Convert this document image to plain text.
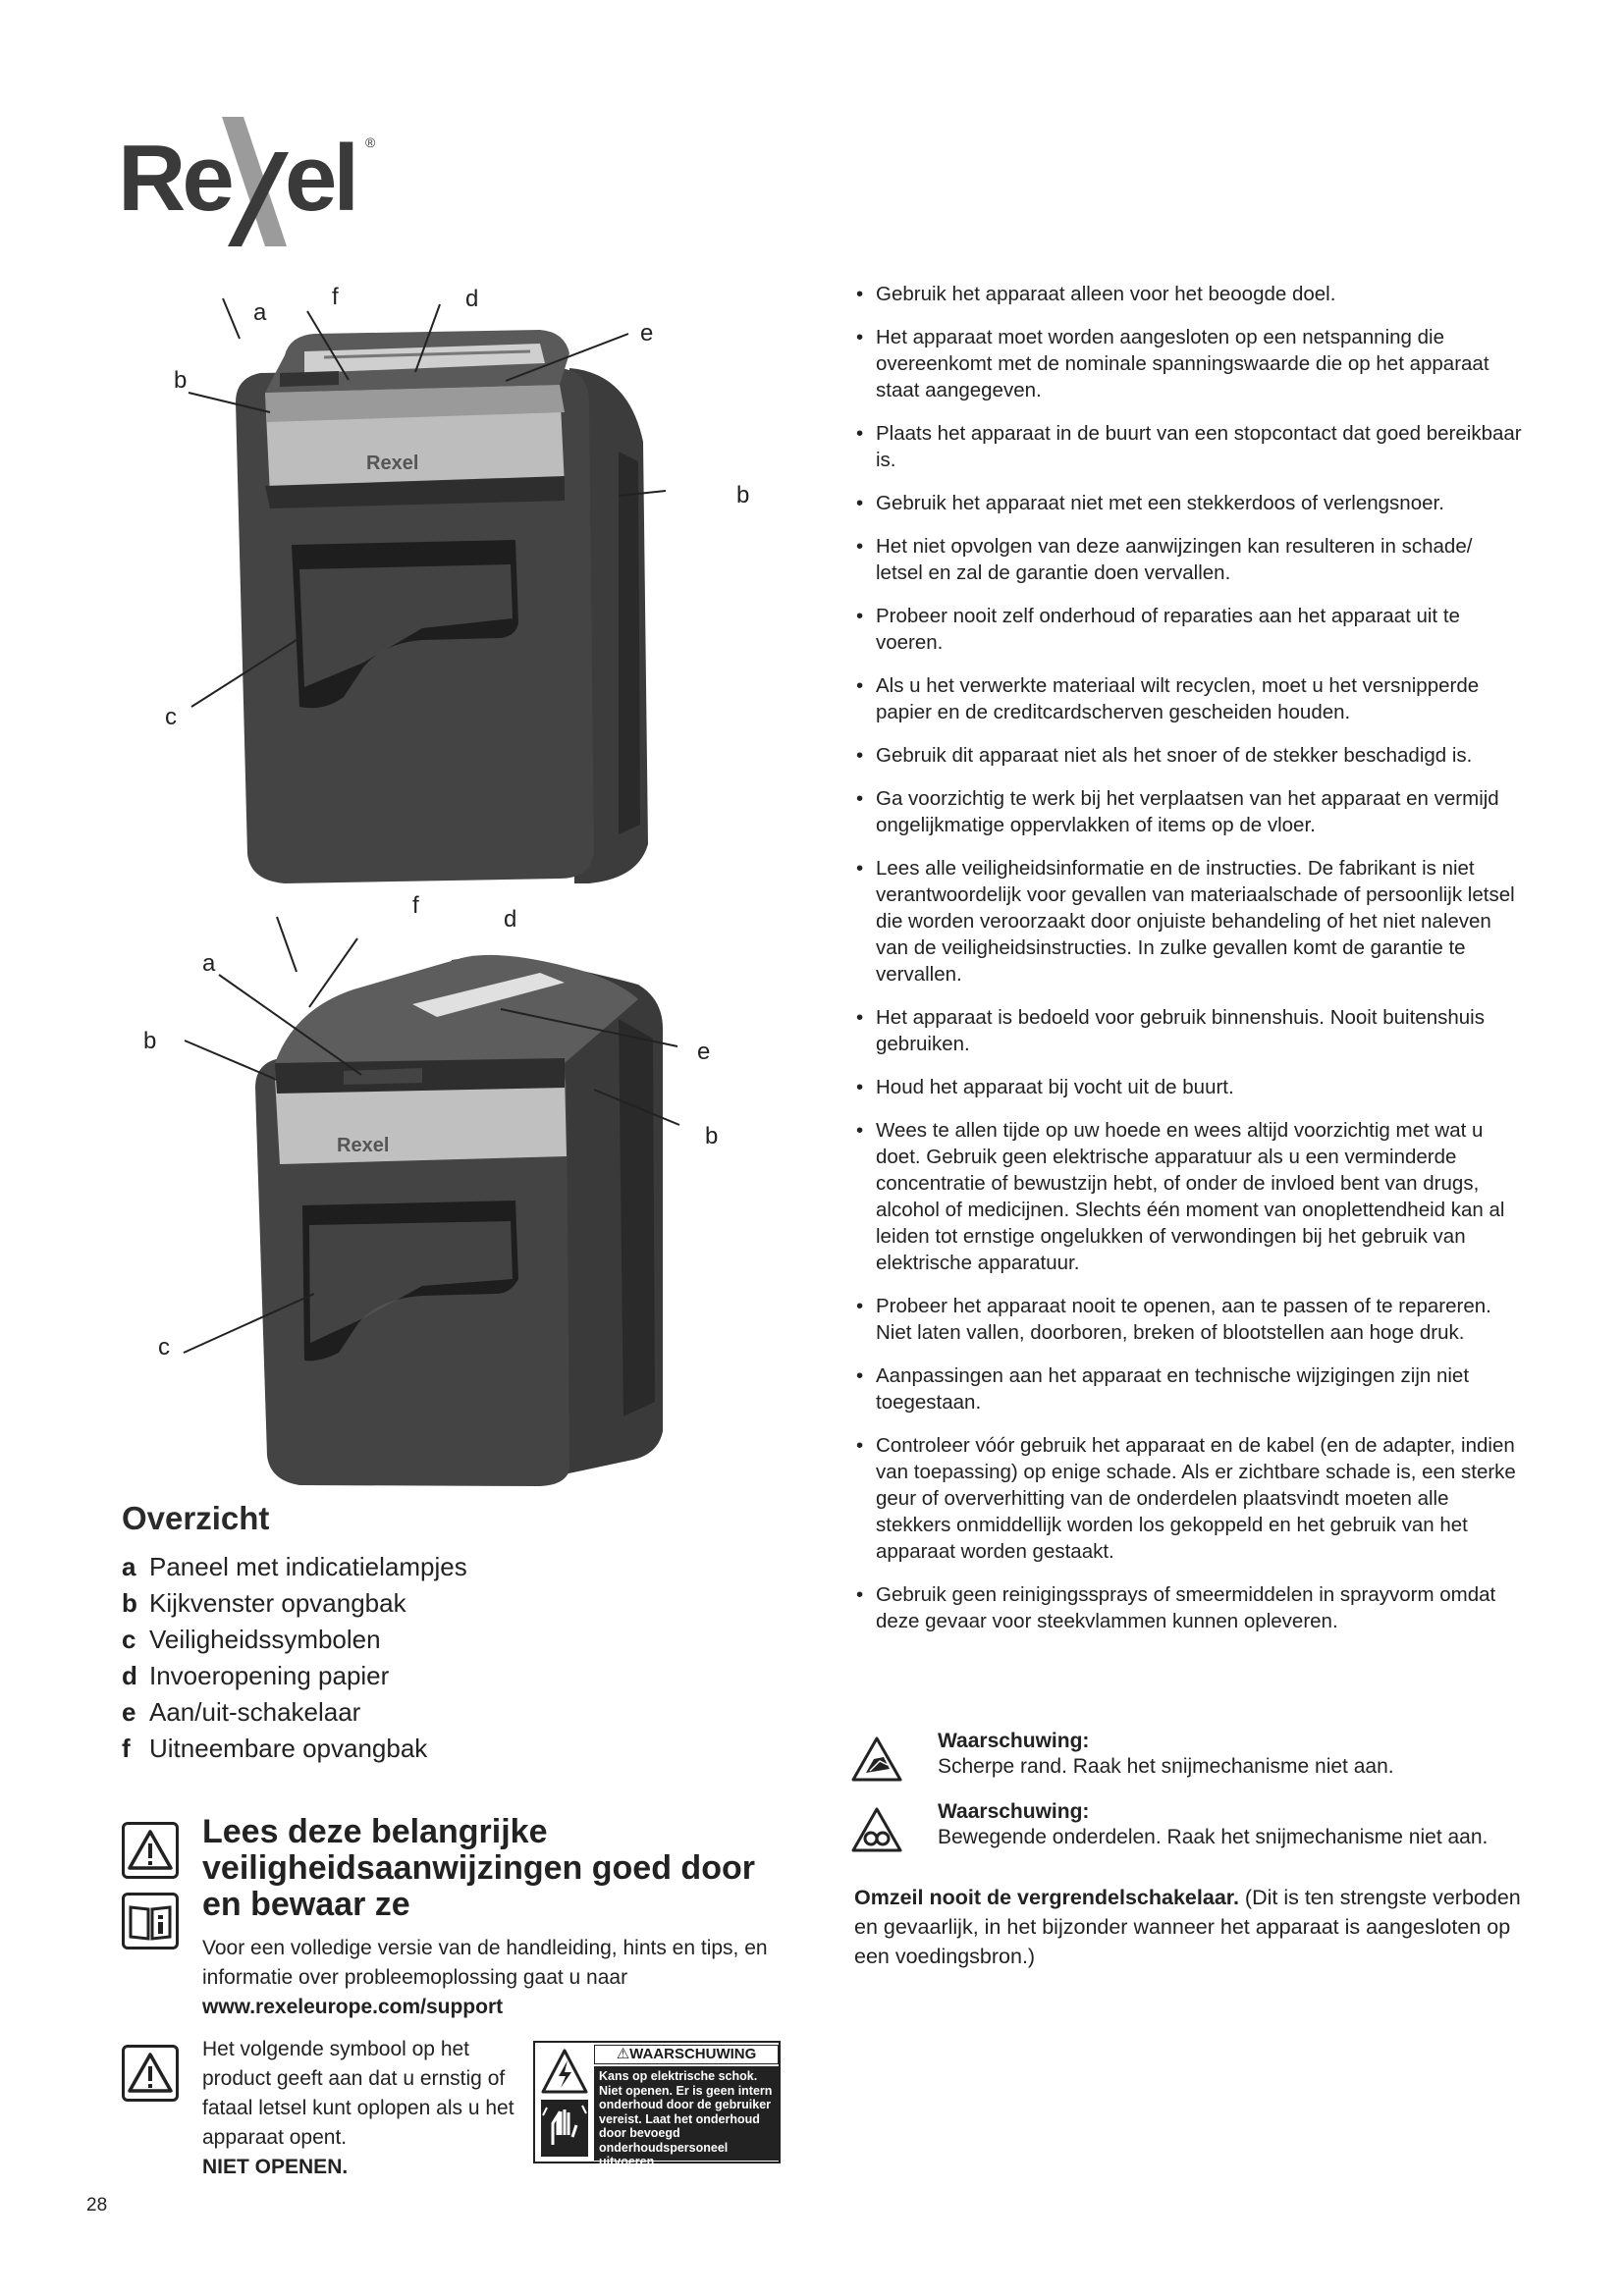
Re el ®
Rexel
b
a
f	d
e
b
c
Rexel
b
a
f
d
e
b
c
Overzicht
a Paneel met indicatielampjes
b Kijkvenster opvangbak
c Veiligheidssymbolen
d Invoeropening papier
e Aan/uit-schakelaar
f Uitneembare opvangbak
Lees deze belangrijke veiligheidsaanwijzingen goed door en bewaar ze
Voor een volledige versie van de handleiding, hints en tips, en informatie over probleemoplossing gaat u naar
www.rexeleurope.com/support
Het volgende symbool op het product geeft aan dat u ernstig of fataal letsel kunt oplopen als u het apparaat opent.
NIET OPENEN.
⚠WAARSCHUWING
Kans op elektrische schok. Niet openen. Er is geen intern onderhoud door de gebruiker vereist. Laat het onderhoud door bevoegd onderhoudspersoneel uitvoeren.
• Gebruik het apparaat alleen voor het beoogde doel.
• Het apparaat moet worden aangesloten op een netspanning die overeenkomt met de nominale spanningswaarde die op het apparaat staat aangegeven.
• Plaats het apparaat in de buurt van een stopcontact dat goed bereikbaar is.
• Gebruik het apparaat niet met een stekkerdoos of verlengsnoer.
• Het niet opvolgen van deze aanwijzingen kan resulteren in schade/ letsel en zal de garantie doen vervallen.
• Probeer nooit zelf onderhoud of reparaties aan het apparaat uit te voeren.
• Als u het verwerkte materiaal wilt recyclen, moet u het versnipperde papier en de creditcardscherven gescheiden houden.
• Gebruik dit apparaat niet als het snoer of de stekker beschadigd is.
• Ga voorzichtig te werk bij het verplaatsen van het apparaat en vermijd ongelijkmatige oppervlakken of items op de vloer.
• Lees alle veiligheidsinformatie en de instructies. De fabrikant is niet verantwoordelijk voor gevallen van materiaalschade of persoonlijk letsel die worden veroorzaakt door onjuiste behandeling of het niet naleven van de veiligheidsinstructies. In zulke gevallen komt de garantie te vervallen.
• Het apparaat is bedoeld voor gebruik binnenshuis. Nooit buitenshuis gebruiken.
• Houd het apparaat bij vocht uit de buurt.
• Wees te allen tijde op uw hoede en wees altijd voorzichtig met wat u doet. Gebruik geen elektrische apparatuur als u een verminderde concentratie of bewustzijn hebt, of onder de invloed bent van drugs, alcohol of medicijnen. Slechts één moment van onoplettendheid kan al leiden tot ernstige ongelukken of verwondingen bij het gebruik van elektrische apparatuur.
• Probeer het apparaat nooit te openen, aan te passen of te repareren. Niet laten vallen, doorboren, breken of blootstellen aan hoge druk.
• Aanpassingen aan het apparaat en technische wijzigingen zijn niet toegestaan.
• Controleer vóór gebruik het apparaat en de kabel (en de adapter, indien van toepassing) op enige schade. Als er zichtbare schade is, een sterke geur of oververhitting van de onderdelen plaatsvindt moeten alle stekkers onmiddellijk worden los gekoppeld en het gebruik van het apparaat worden gestaakt.
• Gebruik geen reinigingssprays of smeermiddelen in sprayvorm omdat deze gevaar voor steekvlammen kunnen opleveren.
Waarschuwing:
Scherpe rand. Raak het snijmechanisme niet aan.
Waarschuwing:
Bewegende onderdelen. Raak het snijmechanisme niet aan.
Omzeil nooit de vergrendelschakelaar. (Dit is ten strengste verboden en gevaarlijk, in het bijzonder wanneer het apparaat is aangesloten op een voedingsbron.)
28
